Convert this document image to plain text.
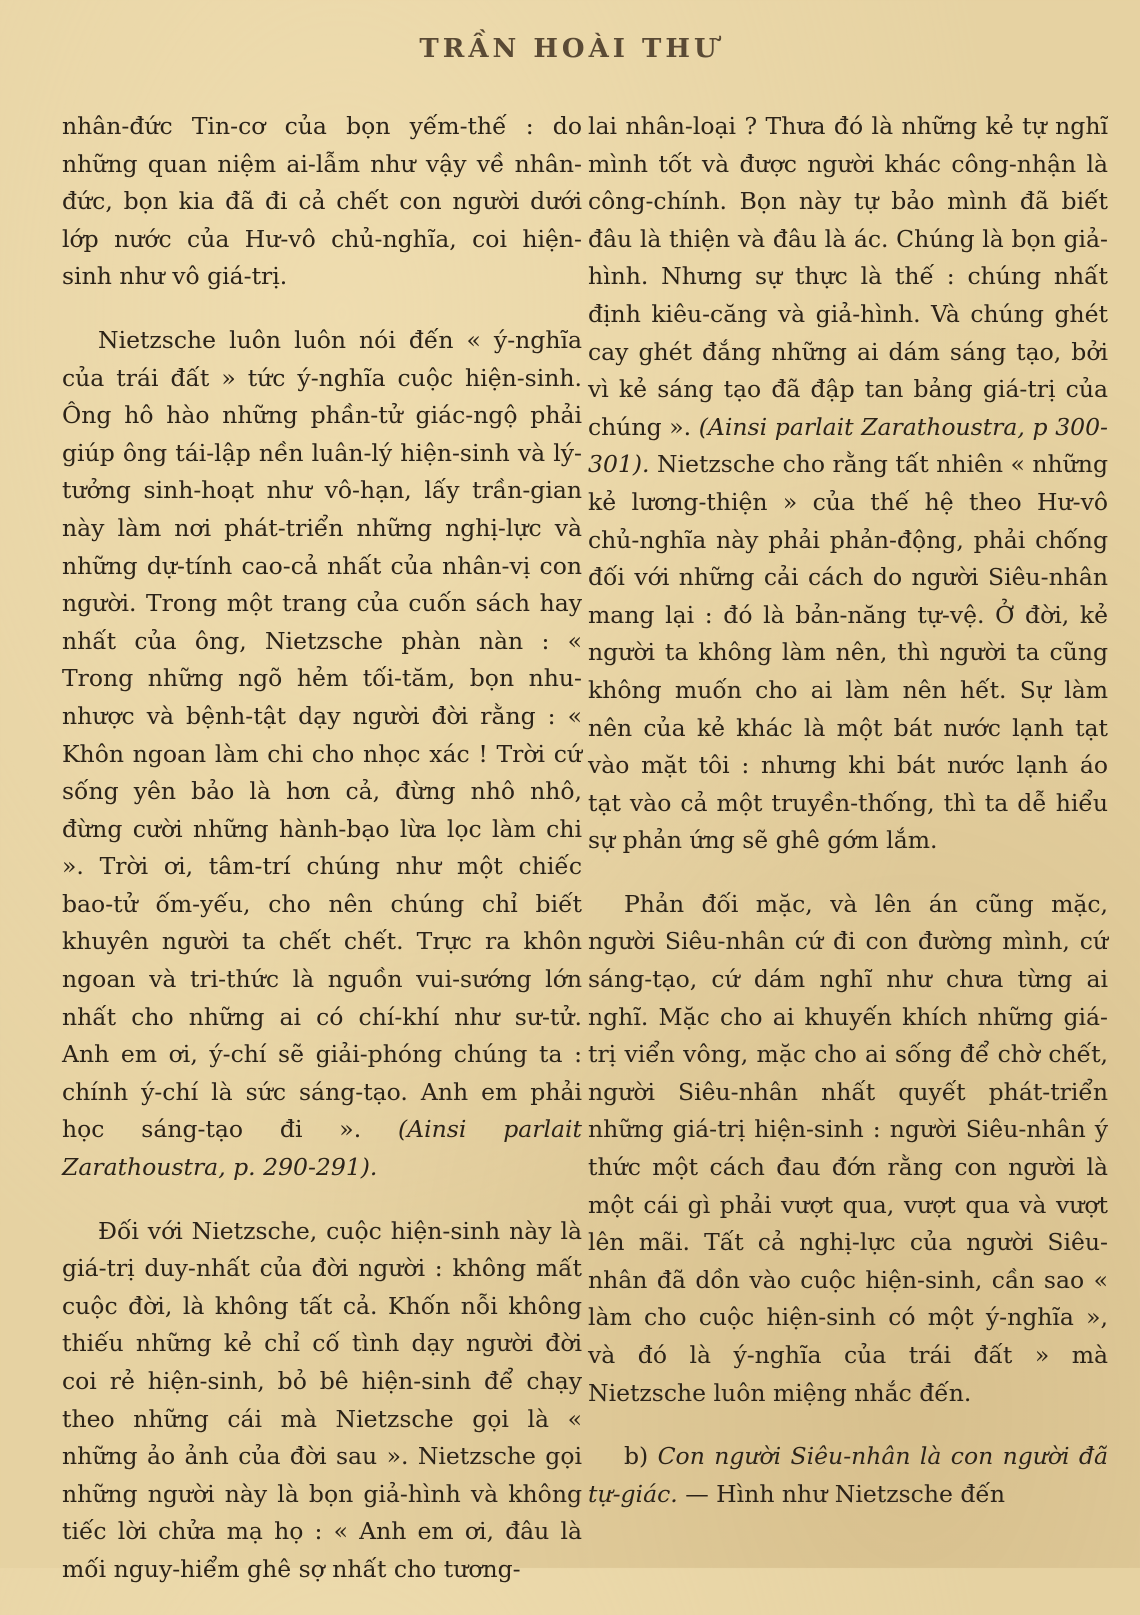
TRẦN HOÀI THƯ

nhân-đức Tin-cơ của bọn yếm-thế : do những quan niệm ai-lẫm như vậy về nhân-đức, bọn kia đã đi cả chết con người dưới lớp nước của Hư-vô chủ-nghĩa, coi hiện-sinh như vô giá-trị.

Nietzsche luôn luôn nói đến « ý-nghĩa của trái đất » tức ý-nghĩa cuộc hiện-sinh. Ông hô hào những phần-tử giác-ngộ phải giúp ông tái-lập nền luân-lý hiện-sinh và lý-tưởng sinh-hoạt như vô-hạn, lấy trần-gian này làm nơi phát-triển những nghị-lực và những dự-tính cao-cả nhất của nhân-vị con người. Trong một trang của cuốn sách hay nhất của ông, Nietzsche phàn nàn : « Trong những ngõ hẻm tối-tăm, bọn nhu-nhược và bệnh-tật dạy người đời rằng : « Khôn ngoan làm chi cho nhọc xác ! Trời cứ sống yên bảo là hơn cả, đừng nhô nhô, đừng cười những hành-bạo lừa lọc làm chi ». Trời ơi, tâm-trí chúng như một chiếc bao-tử ốm-yếu, cho nên chúng chỉ biết khuyên người ta chết chết. Trực ra khôn ngoan và tri-thức là nguồn vui-sướng lớn nhất cho những ai có chí-khí như sư-tử. Anh em ơi, ý-chí sẽ giải-phóng chúng ta : chính ý-chí là sức sáng-tạo. Anh em phải học sáng-tạo đi ». (Ainsi parlait Zarathoustra, p. 290-291).

Đối với Nietzsche, cuộc hiện-sinh này là giá-trị duy-nhất của đời người : không mất cuộc đời, là không tất cả. Khốn nỗi không thiếu những kẻ chỉ cố tình dạy người đời coi rẻ hiện-sinh, bỏ bê hiện-sinh để chạy theo những cái mà Nietzsche gọi là « những ảo ảnh của đời sau ». Nietzsche gọi những người này là bọn giả-hình và không tiếc lời chửa mạ họ : « Anh em ơi, đâu là mối nguy-hiểm ghê sợ nhất cho tương-

lai nhân-loại ? Thưa đó là những kẻ tự nghĩ mình tốt và được người khác công-nhận là công-chính. Bọn này tự bảo mình đã biết đâu là thiện và đâu là ác. Chúng là bọn giả-hình. Nhưng sự thực là thế : chúng nhất định kiêu-căng và giả-hình. Và chúng ghét cay ghét đắng những ai dám sáng tạo, bởi vì kẻ sáng tạo đã đập tan bảng giá-trị của chúng ». (Ainsi parlait Zarathoustra, p 300-301). Nietzsche cho rằng tất nhiên « những kẻ lương-thiện » của thế hệ theo Hư-vô chủ-nghĩa này phải phản-động, phải chống đối với những cải cách do người Siêu-nhân mang lại : đó là bản-năng tự-vệ. Ở đời, kẻ người ta không làm nên, thì người ta cũng không muốn cho ai làm nên hết. Sự làm nên của kẻ khác là một bát nước lạnh tạt vào mặt tôi : nhưng khi bát nước lạnh áo tạt vào cả một truyền-thống, thì ta dễ hiểu sự phản ứng sẽ ghê gớm lắm.

Phản đối mặc, và lên án cũng mặc, người Siêu-nhân cứ đi con đường mình, cứ sáng-tạo, cứ dám nghĩ như chưa từng ai nghĩ. Mặc cho ai khuyến khích những giá-trị viển vông, mặc cho ai sống để chờ chết, người Siêu-nhân nhất quyết phát-triển những giá-trị hiện-sinh : người Siêu-nhân ý thức một cách đau đớn rằng con người là một cái gì phải vượt qua, vượt qua và vượt lên mãi. Tất cả nghị-lực của người Siêu-nhân đã dồn vào cuộc hiện-sinh, cần sao « làm cho cuộc hiện-sinh có một ý-nghĩa », và đó là ý-nghĩa của trái đất » mà Nietzsche luôn miệng nhắc đến.

b) Con người Siêu-nhân là con người đã tự-giác. — Hình như Nietzsche đến
